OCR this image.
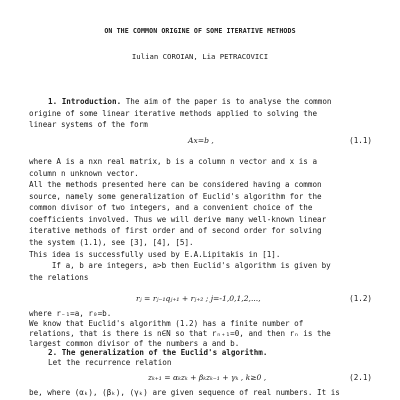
ON THE COMMON ORIGINE OF SOME ITERATIVE METHODS
Iulian COROIAN, Lia PETRACOVICI
1. Introduction. The aim of the paper is to analyse the common
origine of some linear iterative methods applied to solving the
linear systems of the form
Ax=b ,	(1.1)
where A is a nxn real matrix, b is a column n vector and x is a
column n unknown vector.
All the methods presented here can be considered having a common
source, namely some generalization of Euclid's algorithm for the
common divisor of two integers, and a convenient choice of the
coefficients involved. Thus we will derive many well-known linear
iterative methods of first order and of second order for solving
the system (1.1), see [3], [4], [5].
This idea is successfully used by E.A.Lipitakis in [1].
If a, b are integers, a>b then Euclid's algorithm is given by
the relations
rⱼ = rⱼ₋₁qⱼ₊₁ + rⱼ₊₂ ; j=-1,0,1,2,...,	(1.2)
where r₋₁=a, r₀=b.
We know that Euclid's algorithm (1.2) has a finite number of
relations, that is there is n∈N so that rₙ₊₁=0, and then rₙ is the
largest common divisor of the numbers a and b.
2. The generalization of the Euclid's algorithm.
Let the recurrence relation
zₖ₊₁ = αₖzₖ + βₖzₖ₋₁ + γₖ , k≥0 ,	(2.1)
be, where (αₖ), (βₖ), (γₖ) are given sequence of real numbers. It is
